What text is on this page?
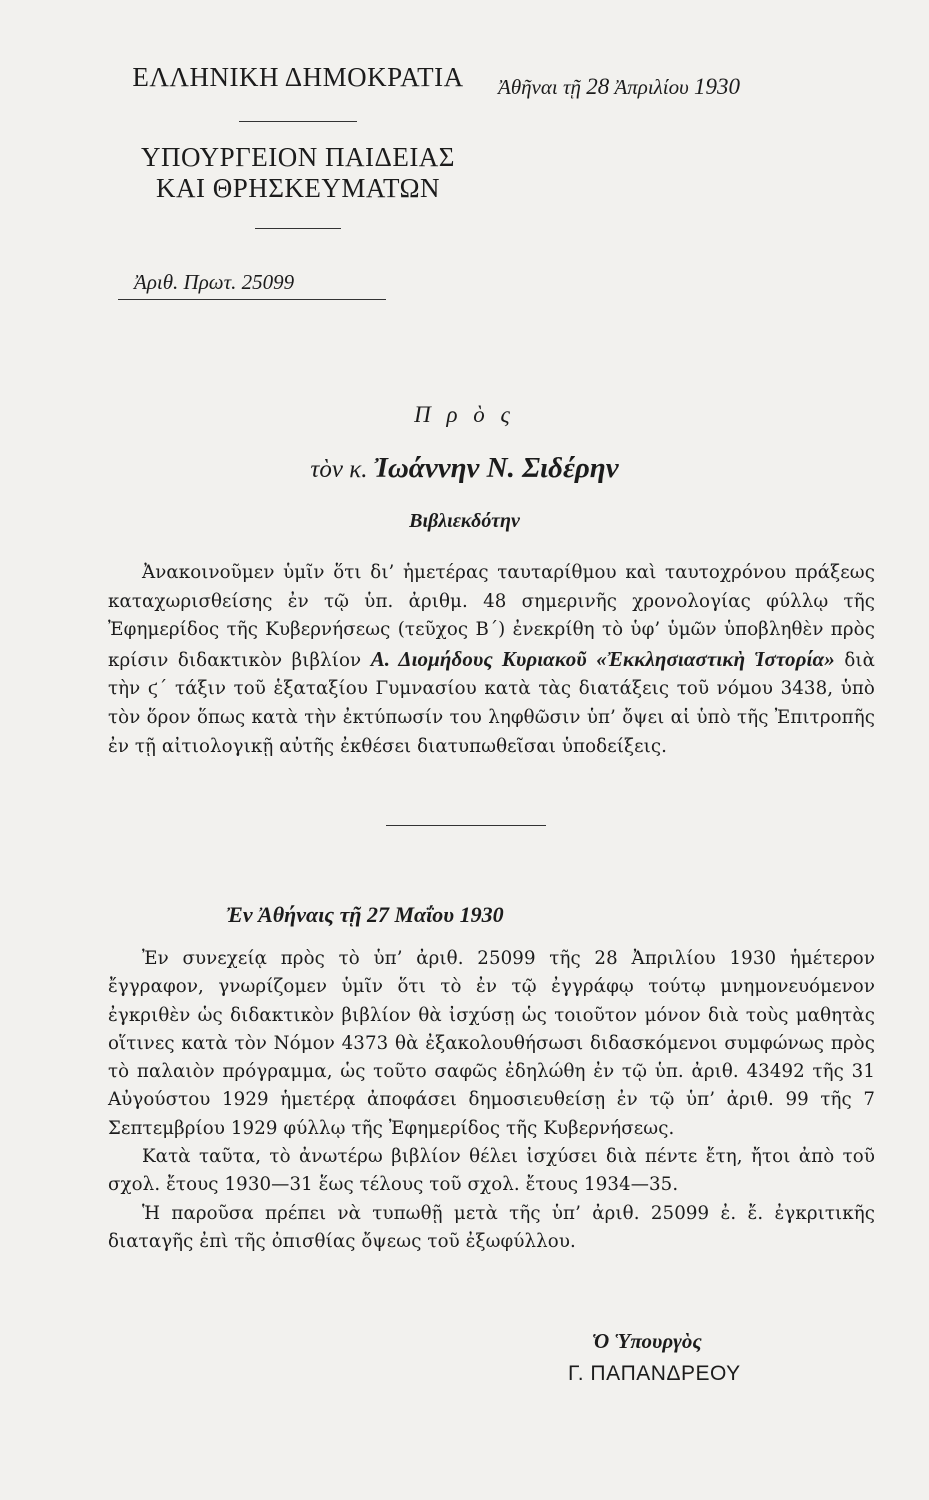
ΕΛΛΗΝΙΚΗ ΔΗΜΟΚΡΑΤΙΑ
ΥΠΟΥΡΓΕΙΟΝ ΠΑΙΔΕΙΑΣ
ΚΑΙ ΘΡΗΣΚΕΥΜΑΤΩΝ
Ἀθῆναι τῇ 28 Ἀπριλίου 1930
Ἀριθ. Πρωτ. 25099
Π ρ ὸ ς
τὸν κ. Ἰωάννην Ν. Σιδέρην
Βιβλιεκδότην

Ἀνακοινοῦμεν ὑμῖν ὅτι δι’ ἡμετέρας ταυταρίθμου καὶ ταυτοχρόνου πράξεως καταχωρισθείσης ἐν τῷ ὑπ. ἀριθμ. 48 σημερινῆς χρονολογίας φύλλῳ τῆς Ἐφημερίδος τῆς Κυβερνήσεως (τεῦχος Β΄) ἐνεκρίθη τὸ ὑφ’ ὑμῶν ὑποβληθὲν πρὸς κρίσιν διδακτικὸν βιβλίον Α. Διομήδους Κυριακοῦ «Ἐκκλησιαστικὴ Ἱστορία» διὰ τὴν ϛ΄ τάξιν τοῦ ἑξαταξίου Γυμνασίου κατὰ τὰς διατάξεις τοῦ νόμου 3438, ὑπὸ τὸν ὅρον ὅπως κατὰ τὴν ἐκτύπωσίν του ληφθῶσιν ὑπ’ ὄψει αἱ ὑπὸ τῆς Ἐπιτροπῆς ἐν τῇ αἰτιολογικῇ αὐτῆς ἐκθέσει διατυπωθεῖσαι ὑποδείξεις.

Ἐν Ἀθήναις τῇ 27 Μαΐου 1930

Ἐν συνεχείᾳ πρὸς τὸ ὑπ’ ἀριθ. 25099 τῆς 28 Ἀπριλίου 1930 ἡμέτερον ἔγγραφον, γνωρίζομεν ὑμῖν ὅτι τὸ ἐν τῷ ἐγγράφῳ τούτῳ μνημονευόμενον ἐγκριθὲν ὡς διδακτικὸν βιβλίον θὰ ἰσχύσῃ ὡς τοιοῦτον μόνον διὰ τοὺς μαθητὰς οἵτινες κατὰ τὸν Νόμον 4373 θὰ ἐξακολουθήσωσι διδασκόμενοι συμφώνως πρὸς τὸ παλαιὸν πρόγραμμα, ὡς τοῦτο σαφῶς ἐδηλώθη ἐν τῷ ὑπ. ἀριθ. 43492 τῆς 31 Αὐγούστου 1929 ἡμετέρᾳ ἀποφάσει δημοσιευθείσῃ ἐν τῷ ὑπ’ ἀριθ. 99 τῆς 7 Σεπτεμβρίου 1929 φύλλῳ τῆς Ἐφημερίδος τῆς Κυβερνήσεως.

Κατὰ ταῦτα, τὸ ἀνωτέρω βιβλίον θέλει ἰσχύσει διὰ πέντε ἔτη, ἤτοι ἀπὸ τοῦ σχολ. ἔτους 1930—31 ἕως τέλους τοῦ σχολ. ἔτους 1934—35.

Ἡ παροῦσα πρέπει νὰ τυπωθῇ μετὰ τῆς ὑπ’ ἀριθ. 25099 ἐ. ἔ. ἐγκριτικῆς διαταγῆς ἐπὶ τῆς ὀπισθίας ὄψεως τοῦ ἐξωφύλλου.

Ὁ Ὑπουργὸς
Γ. ΠΑΠΑΝΔΡΕΟΥ
